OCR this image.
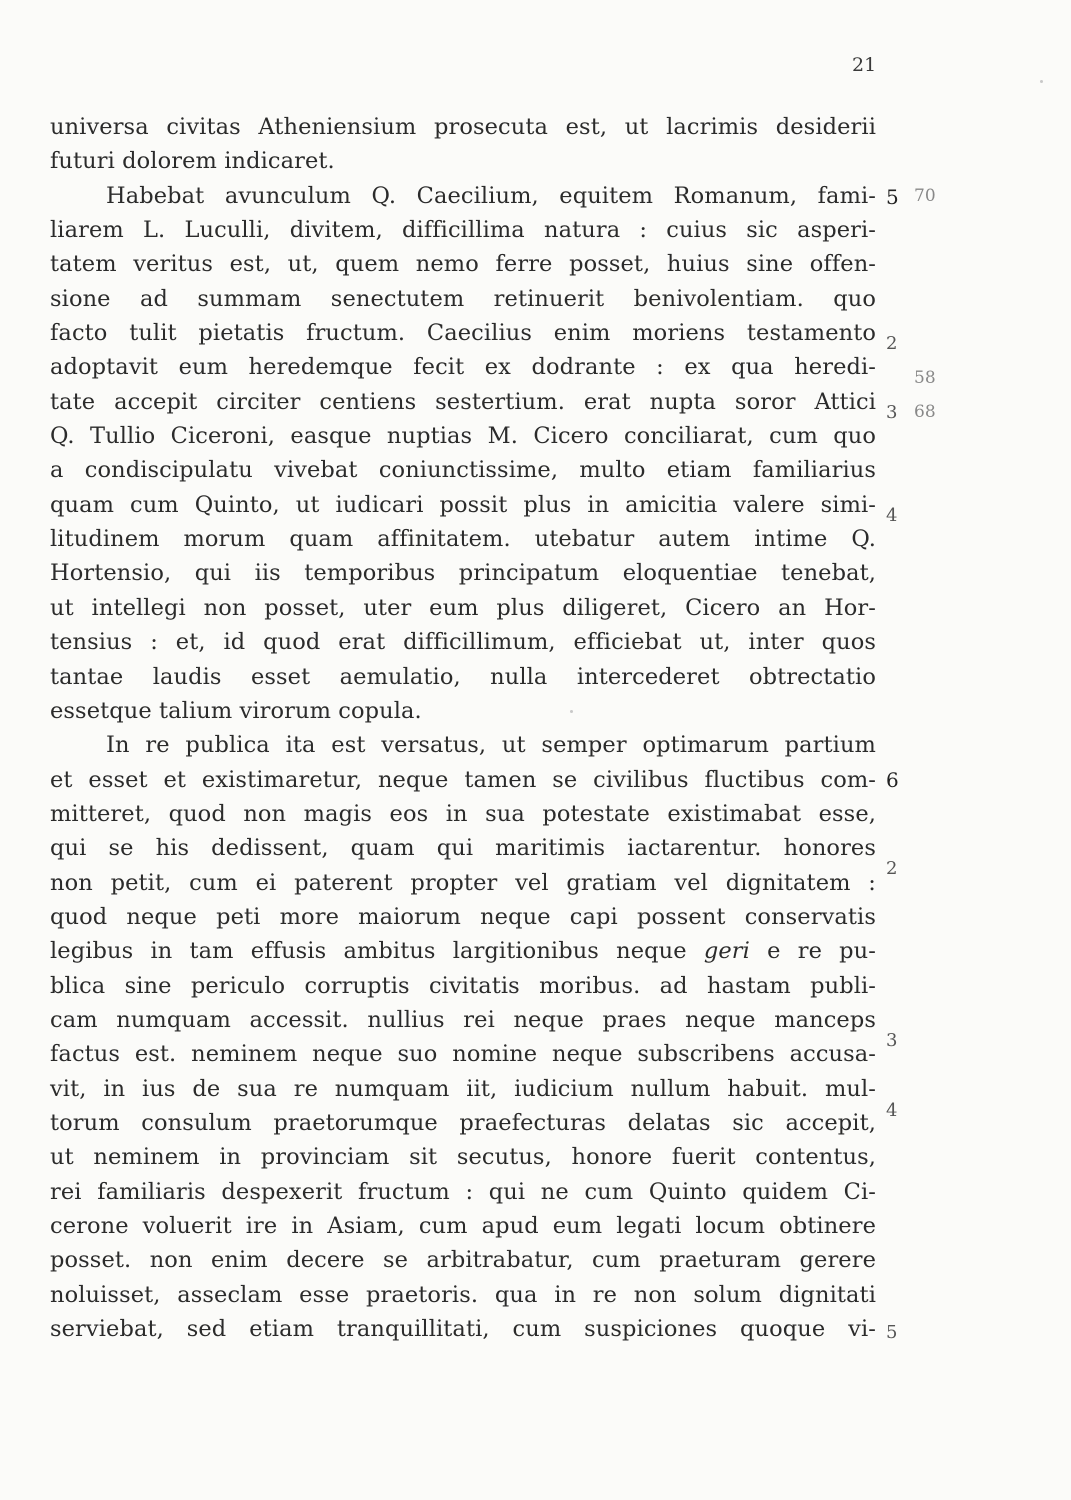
21
universa civitas Atheniensium prosecuta est, ut lacrimis desiderii
futuri dolorem indicaret.
Habebat avunculum Q. Caecilium, equitem Romanum, fami-
liarem L. Luculli, divitem, difficillima natura : cuius sic asperi-
tatem veritus est, ut, quem nemo ferre posset, huius sine offen-
sione ad summam senectutem retinuerit benivolentiam. quo
facto tulit pietatis fructum. Caecilius enim moriens testamento
adoptavit eum heredemque fecit ex dodrante : ex qua heredi-
tate accepit circiter centiens sestertium. erat nupta soror Attici
Q. Tullio Ciceroni, easque nuptias M. Cicero conciliarat, cum quo
a condiscipulatu vivebat coniunctissime, multo etiam familiarius
quam cum Quinto, ut iudicari possit plus in amicitia valere simi-
litudinem morum quam affinitatem. utebatur autem intime Q.
Hortensio, qui iis temporibus principatum eloquentiae tenebat,
ut intellegi non posset, uter eum plus diligeret, Cicero an Hor-
tensius : et, id quod erat difficillimum, efficiebat ut, inter quos
tantae laudis esset aemulatio, nulla intercederet obtrectatio
essetque talium virorum copula.
In re publica ita est versatus, ut semper optimarum partium
et esset et existimaretur, neque tamen se civilibus fluctibus com-
mitteret, quod non magis eos in sua potestate existimabat esse,
qui se his dedissent, quam qui maritimis iactarentur. honores
non petit, cum ei paterent propter vel gratiam vel dignitatem :
quod neque peti more maiorum neque capi possent conservatis
legibus in tam effusis ambitus largitionibus neque geri e re pu-
blica sine periculo corruptis civitatis moribus. ad hastam publi-
cam numquam accessit. nullius rei neque praes neque manceps
factus est. neminem neque suo nomine neque subscribens accusa-
vit, in ius de sua re numquam iit, iudicium nullum habuit. mul-
torum consulum praetorumque praefecturas delatas sic accepit,
ut neminem in provinciam sit secutus, honore fuerit contentus,
rei familiaris despexerit fructum : qui ne cum Quinto quidem Ci-
cerone voluerit ire in Asiam, cum apud eum legati locum obtinere
posset. non enim decere se arbitrabatur, cum praeturam gerere
noluisset, asseclam esse praetoris. qua in re non solum dignitati
serviebat, sed etiam tranquillitati, cum suspiciones quoque vi-
5
2
3
4
6
2
3
4
5
70
58
68
